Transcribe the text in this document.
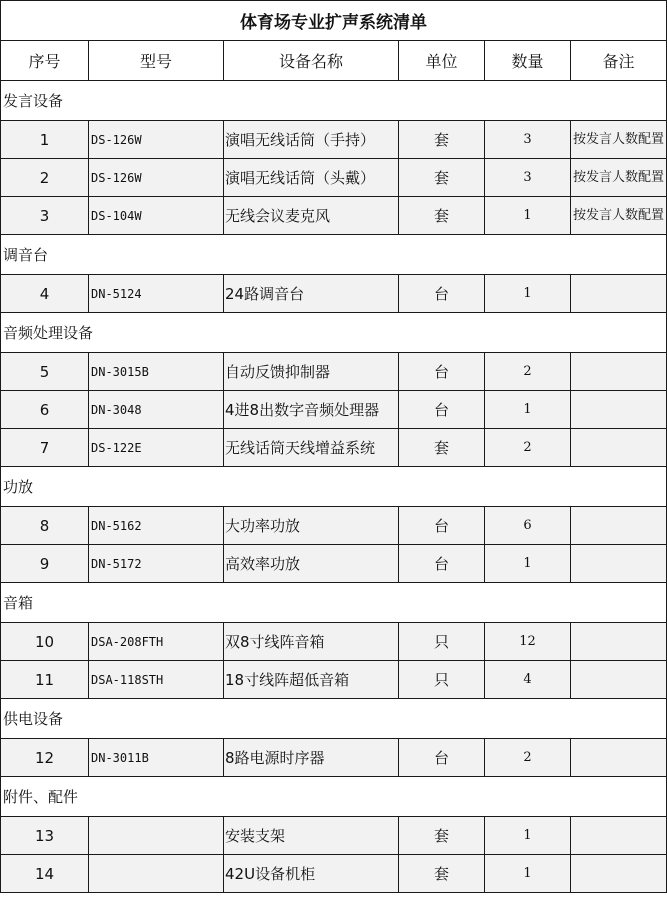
体育场专业扩声系统清单					
序号	型号	设备名称	单位	数量	备注
发言设备					
1	DS-126W	演唱无线话筒（手持）	套	3	按发言人数配置
2	DS-126W	演唱无线话筒（头戴）	套	3	按发言人数配置
3	DS-104W	无线会议麦克风	套	1	按发言人数配置
调音台					
4	DN-5124	24路调音台	台	1	
音频处理设备					
5	DN-3015B	自动反馈抑制器	台	2	
6	DN-3048	4进8出数字音频处理器	台	1	
7	DS-122E	无线话筒天线增益系统	套	2	
功放					
8	DN-5162	大功率功放	台	6	
9	DN-5172	高效率功放	台	1	
音箱					
10	DSA-208FTH	双8寸线阵音箱	只	12	
11	DSA-118STH	18寸线阵超低音箱	只	4	
供电设备					
12	DN-3011B	8路电源时序器	台	2	
附件、配件					
13		安装支架	套	1	
14		42U设备机柜	套	1	
